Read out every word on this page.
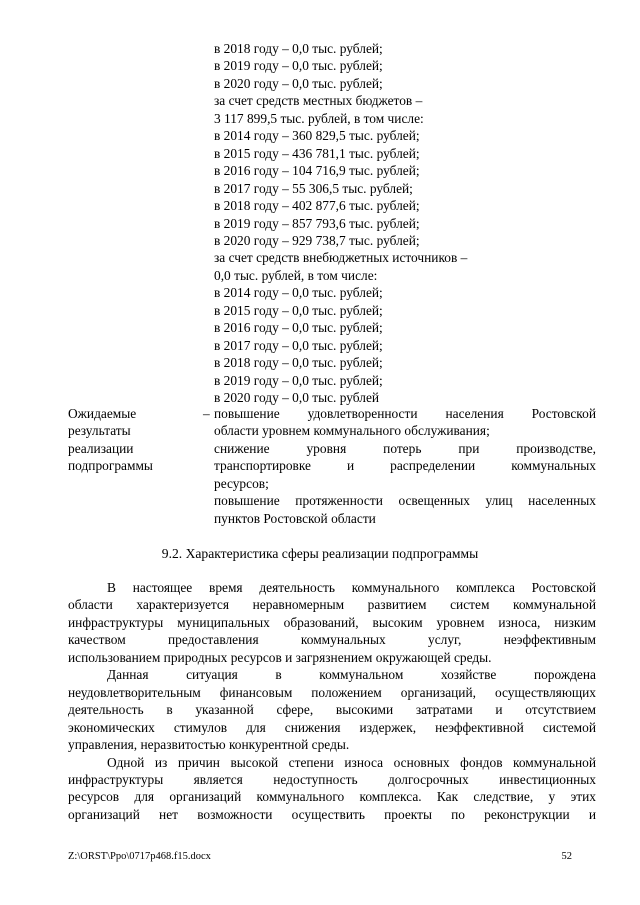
в 2018 году – 0,0 тыс. рублей;
в 2019 году – 0,0 тыс. рублей;
в 2020 году – 0,0 тыс. рублей;
за счет средств местных бюджетов –
3 117 899,5 тыс. рублей, в том числе:
в 2014 году – 360 829,5 тыс. рублей;
в 2015 году – 436 781,1 тыс. рублей;
в 2016 году – 104 716,9 тыс. рублей;
в 2017 году – 55 306,5 тыс. рублей;
в 2018 году – 402 877,6 тыс. рублей;
в 2019 году – 857 793,6 тыс. рублей;
в 2020 году – 929 738,7 тыс. рублей;
за счет средств внебюджетных источников –
0,0 тыс. рублей, в том числе:
в 2014 году – 0,0 тыс. рублей;
в 2015 году – 0,0 тыс. рублей;
в 2016 году – 0,0 тыс. рублей;
в 2017 году – 0,0 тыс. рублей;
в 2018 году – 0,0 тыс. рублей;
в 2019 году – 0,0 тыс. рублей;
в 2020 году – 0,0 тыс. рублей
Ожидаемые
результаты
реализации
подпрограммы
– повышение удовлетворенности населения Ростовской
области уровнем коммунального обслуживания;
снижение уровня потерь при производстве,
транспортировке и распределении коммунальных
ресурсов;
повышение протяженности освещенных улиц населенных
пунктов Ростовской области
9.2. Характеристика сферы реализации подпрограммы
В настоящее время деятельность коммунального комплекса Ростовской
области характеризуется неравномерным развитием систем коммунальной
инфраструктуры муниципальных образований, высоким уровнем износа, низким
качеством предоставления коммунальных услуг, неэффективным
использованием природных ресурсов и загрязнением окружающей среды.
Данная ситуация в коммунальном хозяйстве порождена
неудовлетворительным финансовым положением организаций, осуществляющих
деятельность в указанной сфере, высокими затратами и отсутствием
экономических стимулов для снижения издержек, неэффективной системой
управления, неразвитостью конкурентной среды.
Одной из причин высокой степени износа основных фондов коммунальной
инфраструктуры является недоступность долгосрочных инвестиционных
ресурсов для организаций коммунального комплекса. Как следствие, у этих
организаций нет возможности осуществить проекты по реконструкции и
Z:\ORST\Ppo\0717p468.f15.docx	52
